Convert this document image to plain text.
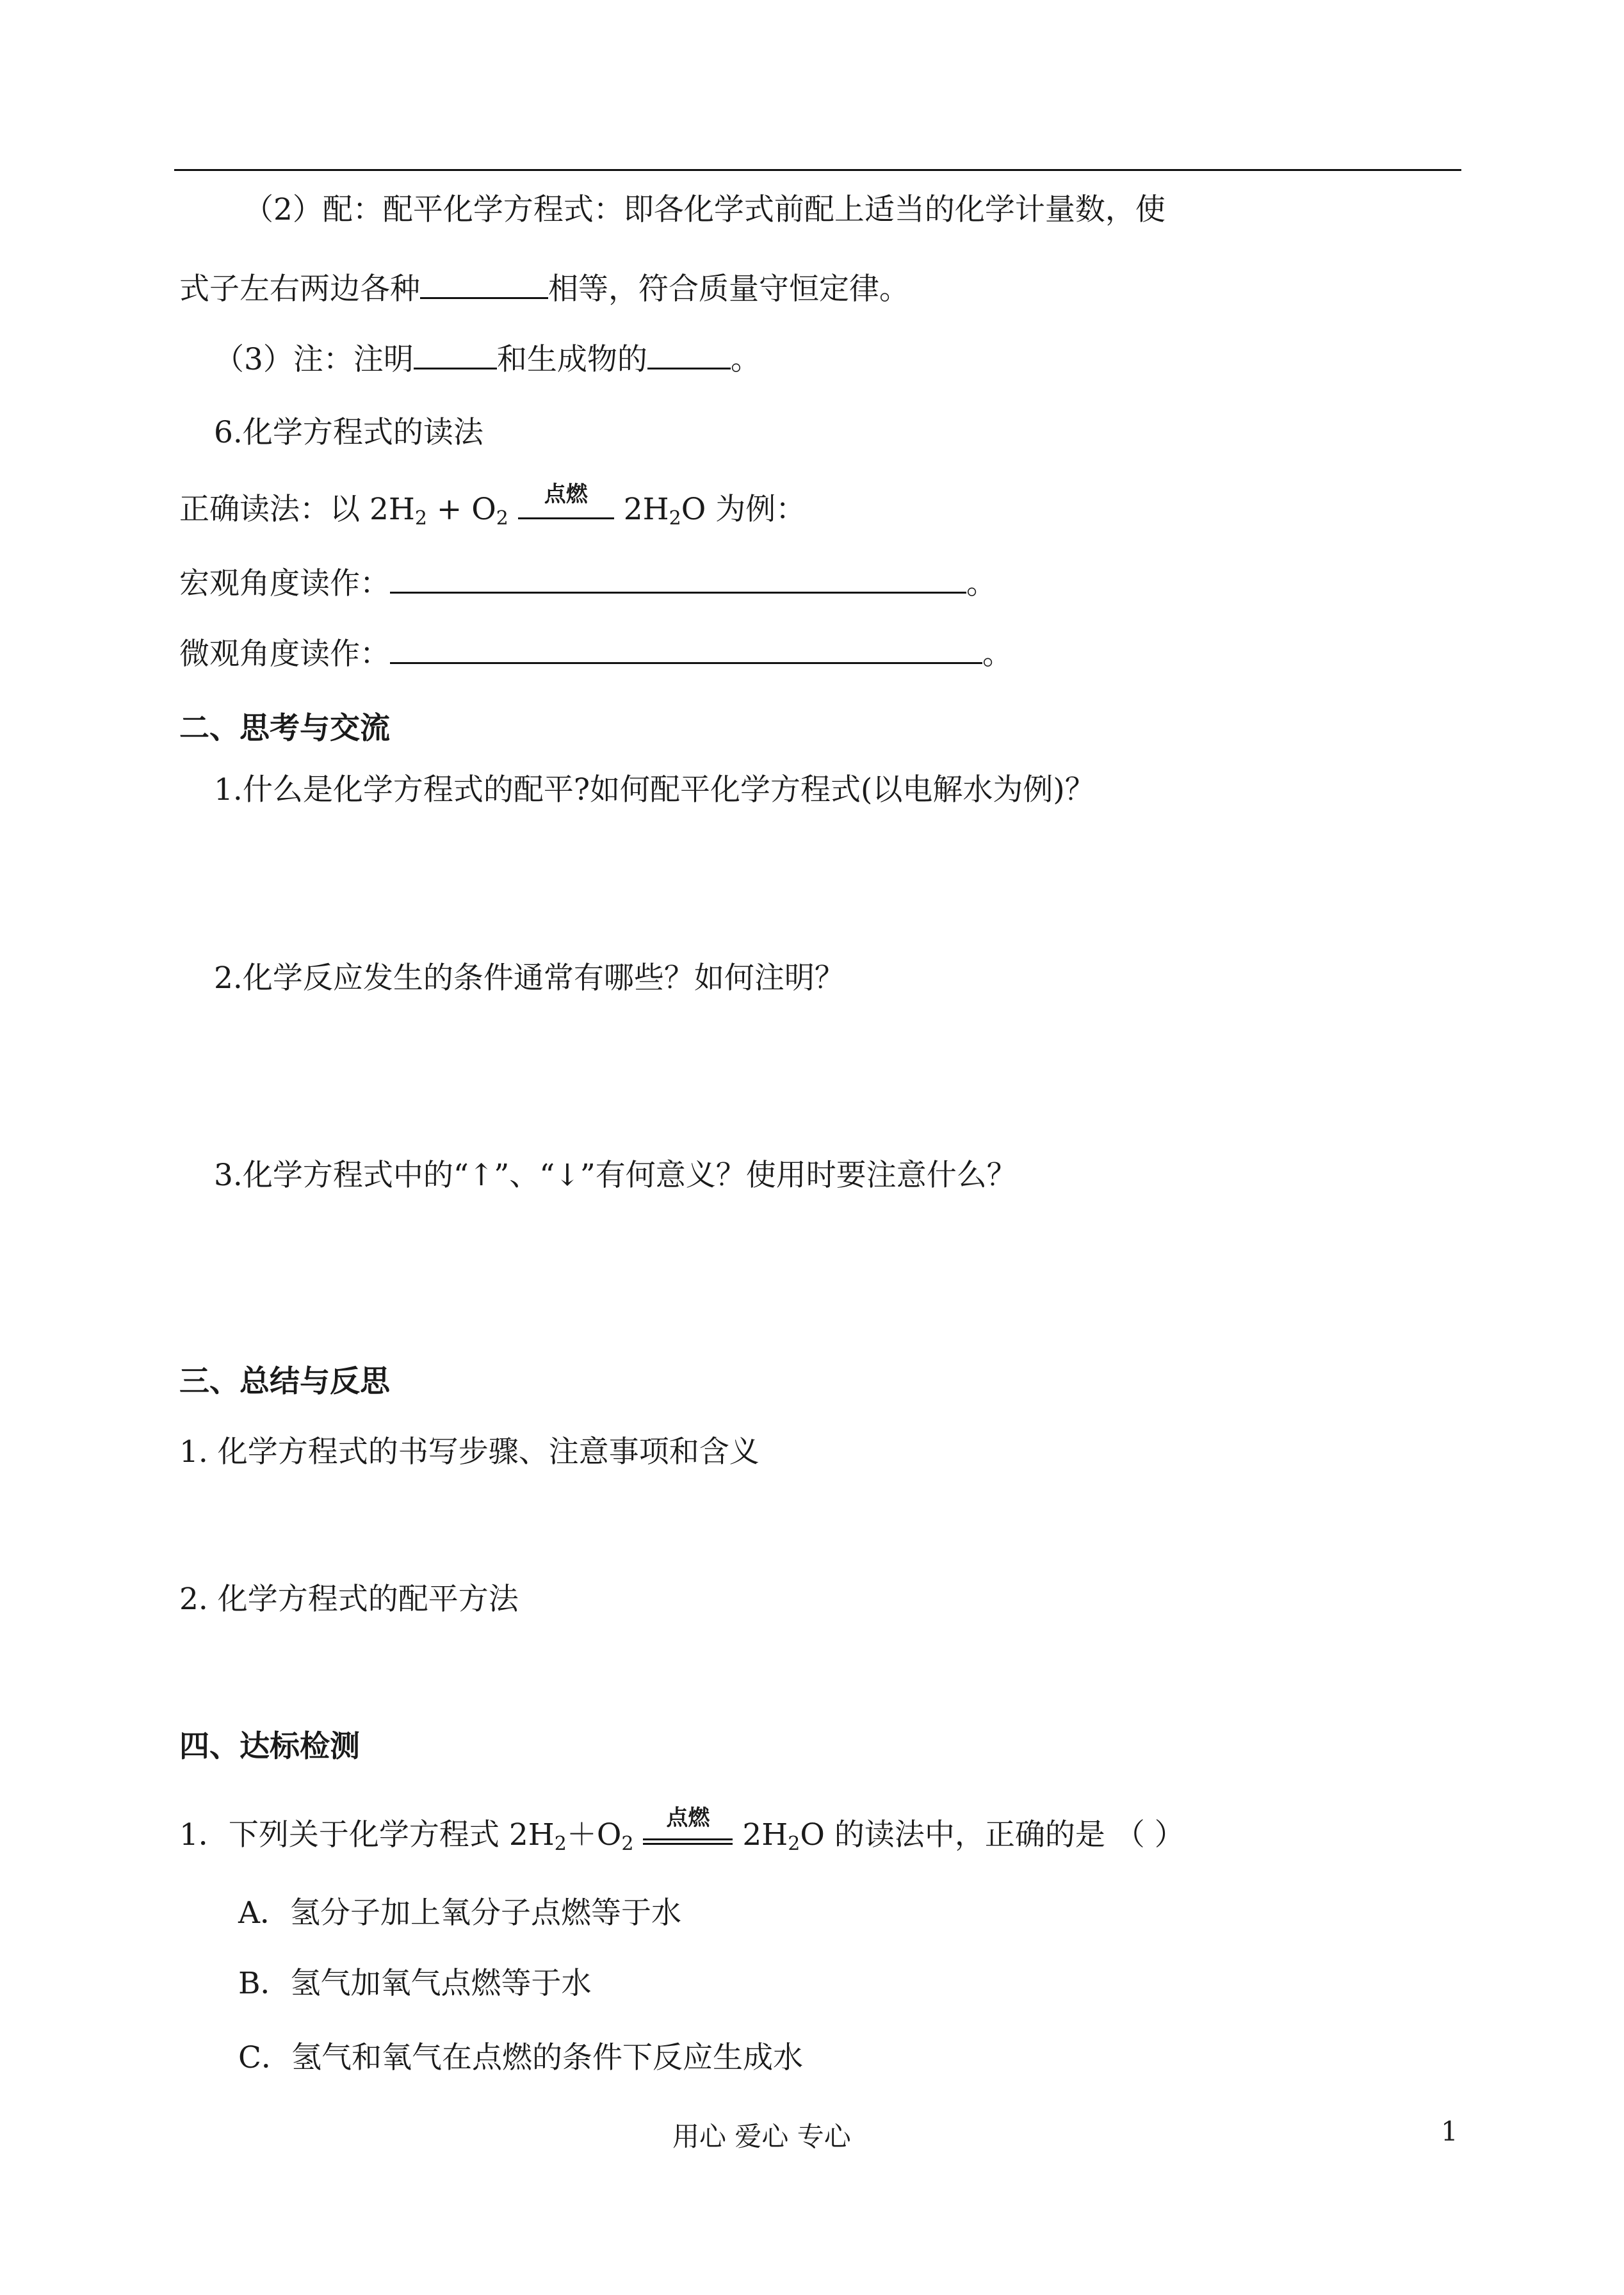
（2）配：配平化学方程式：即各化学式前配上适当的化学计量数，使
式子左右两边各种	相等，符合质量守恒定律。
（3）注：注明	和生成物的	。
6.化学方程式的读法
正确读法：以 $2H_2 + O_2$
点燃	$2H_2O$ 为例：
宏观角度读作：	。
微观角度读作：	。
二、思考与交流
1.什么是化学方程式的配平?如何配平化学方程式(以电解水为例)？
2.化学反应发生的条件通常有哪些？如何注明？
3.化学方程式中的“↑”、“↓”有何意义？使用时要注意什么？
三、总结与反思
1. 化学方程式的书写步骤、注意事项和含义
2. 化学方程式的配平方法
四、达标检测
1．下列关于化学方程式 $2H_2+O_2$
点燃	$2H_2O$ 的读法中，正确的是 （ ）
A．氢分子加上氧分子点燃等于水
B．氢气加氧气点燃等于水
C．氢气和氧气在点燃的条件下反应生成水
用心 爱心 专心	1
